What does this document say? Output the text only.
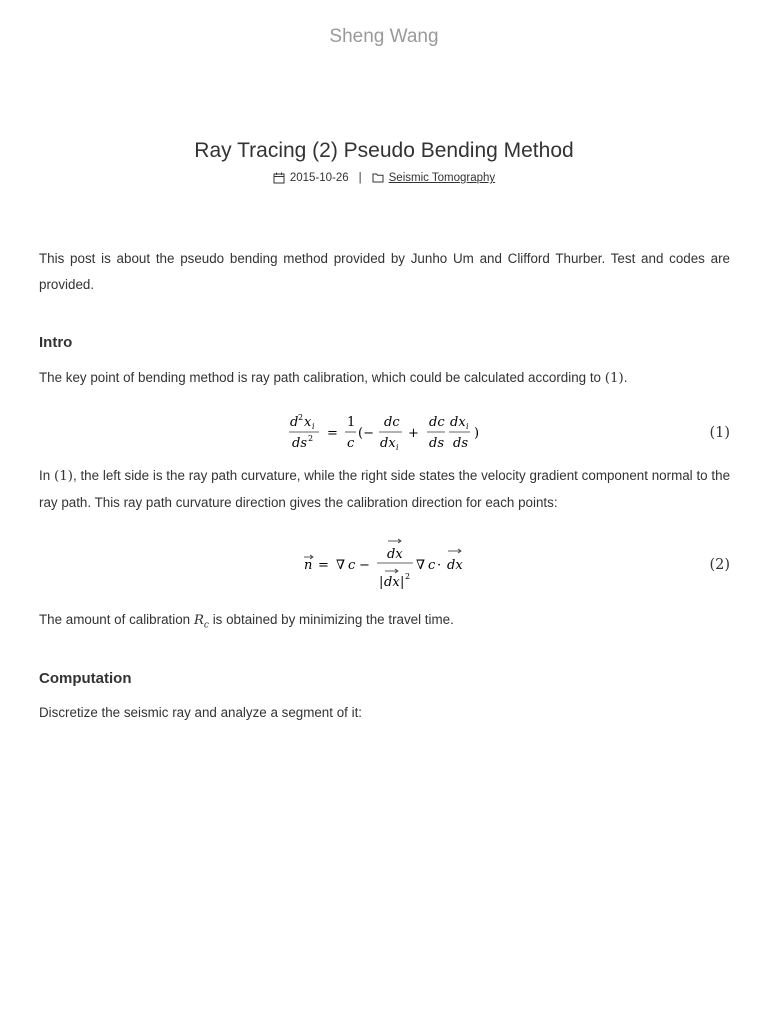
Sheng Wang
Ray Tracing (2) Pseudo Bending Method
2015-10-26 | Seismic Tomography

This post is about the pseudo bending method provided by Junho Um and Clifford Thurber. Test and codes are provided.

Intro

The key point of bending method is ray path calibration, which could be calculated according to (1).

d 2 x i
ds 2 =
1
c
(−
dc
dx i
+
dc
ds
dx i
ds
)	(1)

In (1), the left side is the ray path curvature, while the right side states the velocity gradient component normal to the ray path. This ray path curvature direction gives the calibration direction for each points:

n = ∇ c −
dx
| dx | 2
∇ c · dx	(2)

The amount of calibration $R_c$ is obtained by minimizing the travel time.

Computation

Discretize the seismic ray and analyze a segment of it:
